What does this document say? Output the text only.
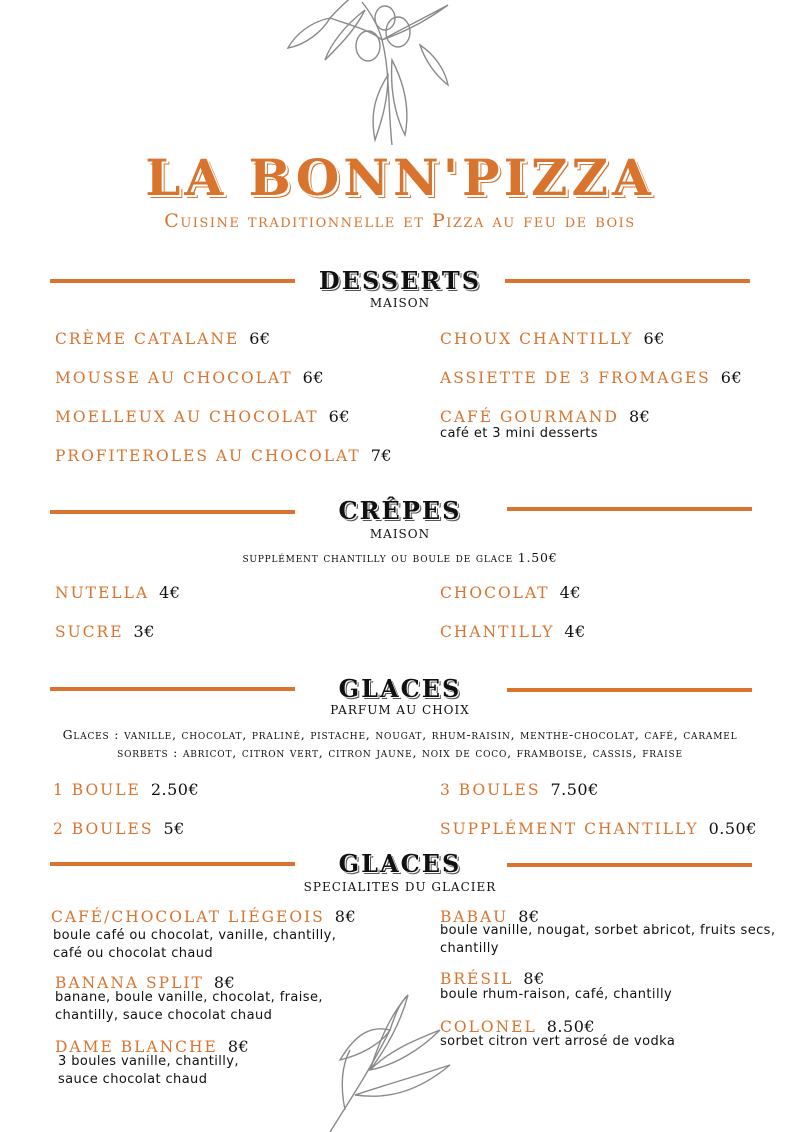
LA BONN'PIZZA
Cuisine traditionnelle et Pizza au feu de bois
DESSERTS
MAISON
CRÈME CATALANE 6€
MOUSSE AU CHOCOLAT 6€
MOELLEUX AU CHOCOLAT 6€
PROFITEROLES AU CHOCOLAT 7€
CHOUX CHANTILLY 6€
ASSIETTE DE 3 FROMAGES 6€
CAFÉ GOURMAND 8€
café et 3 mini desserts
CRÊPES
MAISON
supplément chantilly ou boule de glace 1.50€
NUTELLA 4€
SUCRE 3€
CHOCOLAT 4€
CHANTILLY 4€
GLACES
PARFUM AU CHOIX
Glaces : vanille, chocolat, praliné, pistache, nougat, rhum-raisin, menthe-chocolat, café, caramel
sorbets : abricot, citron vert, citron jaune, noix de coco, framboise, cassis, fraise
1 BOULE 2.50€
2 BOULES 5€
3 BOULES 7.50€
SUPPLÉMENT CHANTILLY 0.50€
GLACES
SPECIALITES DU GLACIER
CAFÉ/CHOCOLAT LIÉGEOIS 8€
boule café ou chocolat, vanille, chantilly,
café ou chocolat chaud
BANANA SPLIT 8€
banane, boule vanille, chocolat, fraise,
chantilly, sauce chocolat chaud
DAME BLANCHE 8€
3 boules vanille, chantilly,
sauce chocolat chaud
BABAU 8€
boule vanille, nougat, sorbet abricot, fruits secs,
chantilly
BRÉSIL 8€
boule rhum-raison, café, chantilly
COLONEL 8.50€
sorbet citron vert arrosé de vodka
